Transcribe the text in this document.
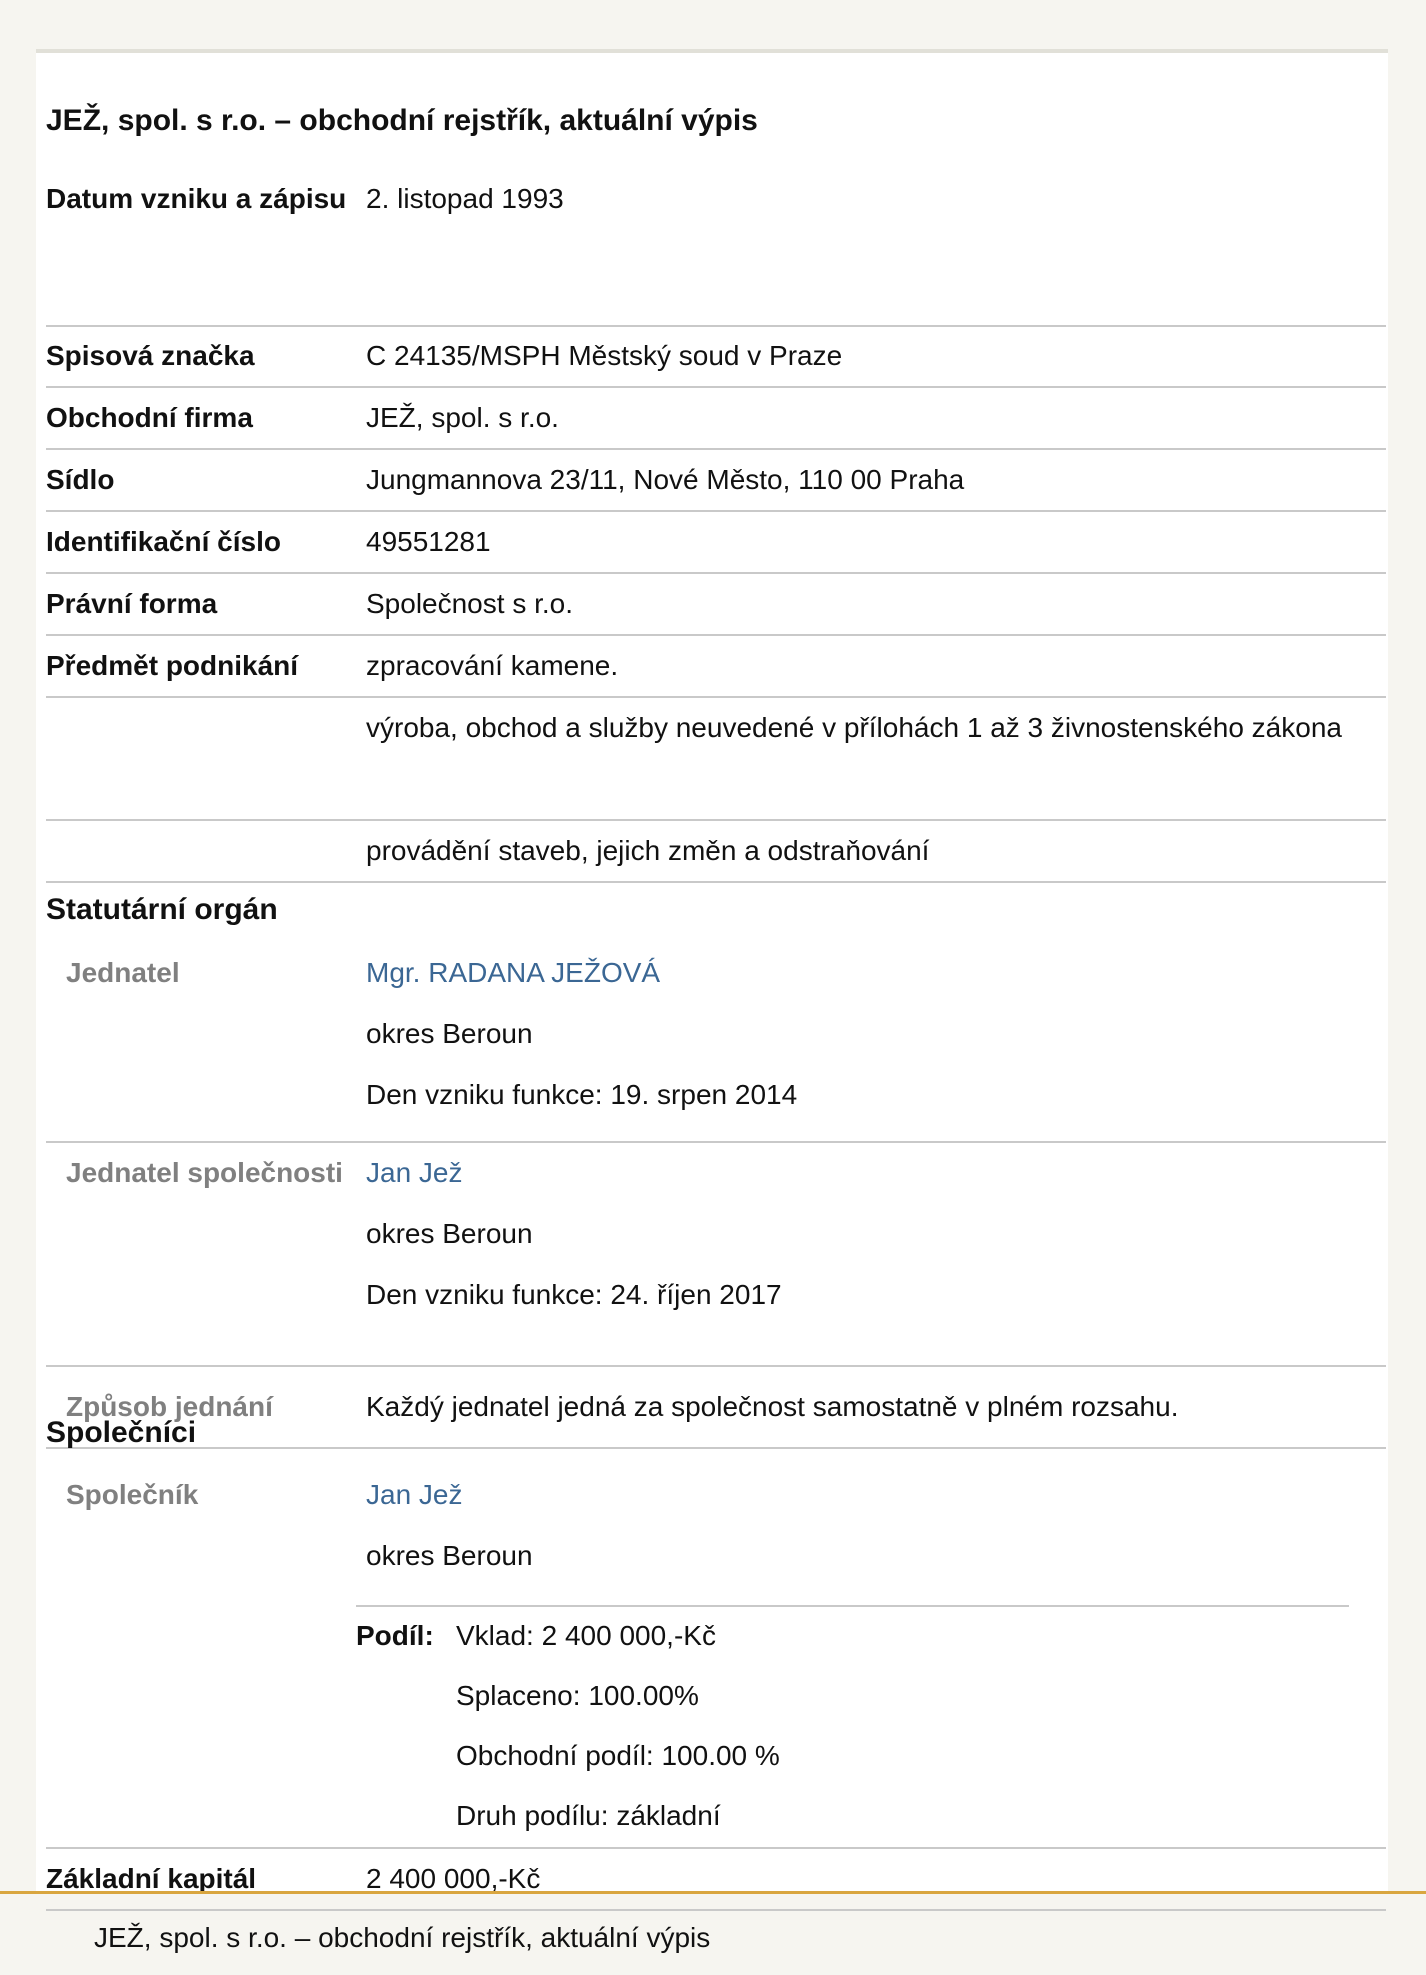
JEŽ, spol. s r.o. – obchodní rejstřík, aktuální výpis
Datum vzniku a zápisu 2. listopad 1993
Spisová značka	C 24135/MSPH Městský soud v Praze
Obchodní firma	JEŽ, spol. s r.o.
Sídlo	Jungmannova 23/11, Nové Město, 110 00 Praha
Identifikační číslo	49551281
Právní forma	Společnost s r.o.
Předmět podnikání	zpracování kamene.
výroba, obchod a služby neuvedené v přílohách 1 až 3 živnostenského zákona
provádění staveb, jejich změn a odstraňování
Statutární orgán
Jednatel	Mgr. RADANA JEŽOVÁ
okres Beroun
Den vzniku funkce: 19. srpen 2014
Jednatel společnosti Jan Jež
okres Beroun
Den vzniku funkce: 24. říjen 2017
Způsob jednání	Každý jednatel jedná za společnost samostatně v plném rozsahu.
Společníci
Společník	Jan Jež
okres Beroun
Podíl: Vklad: 2 400 000,-Kč
Splaceno: 100.00%
Obchodní podíl: 100.00 %
Druh podílu: základní
Základní kapitál	2 400 000,-Kč
JEŽ, spol. s r.o. – obchodní rejstřík, aktuální výpis
